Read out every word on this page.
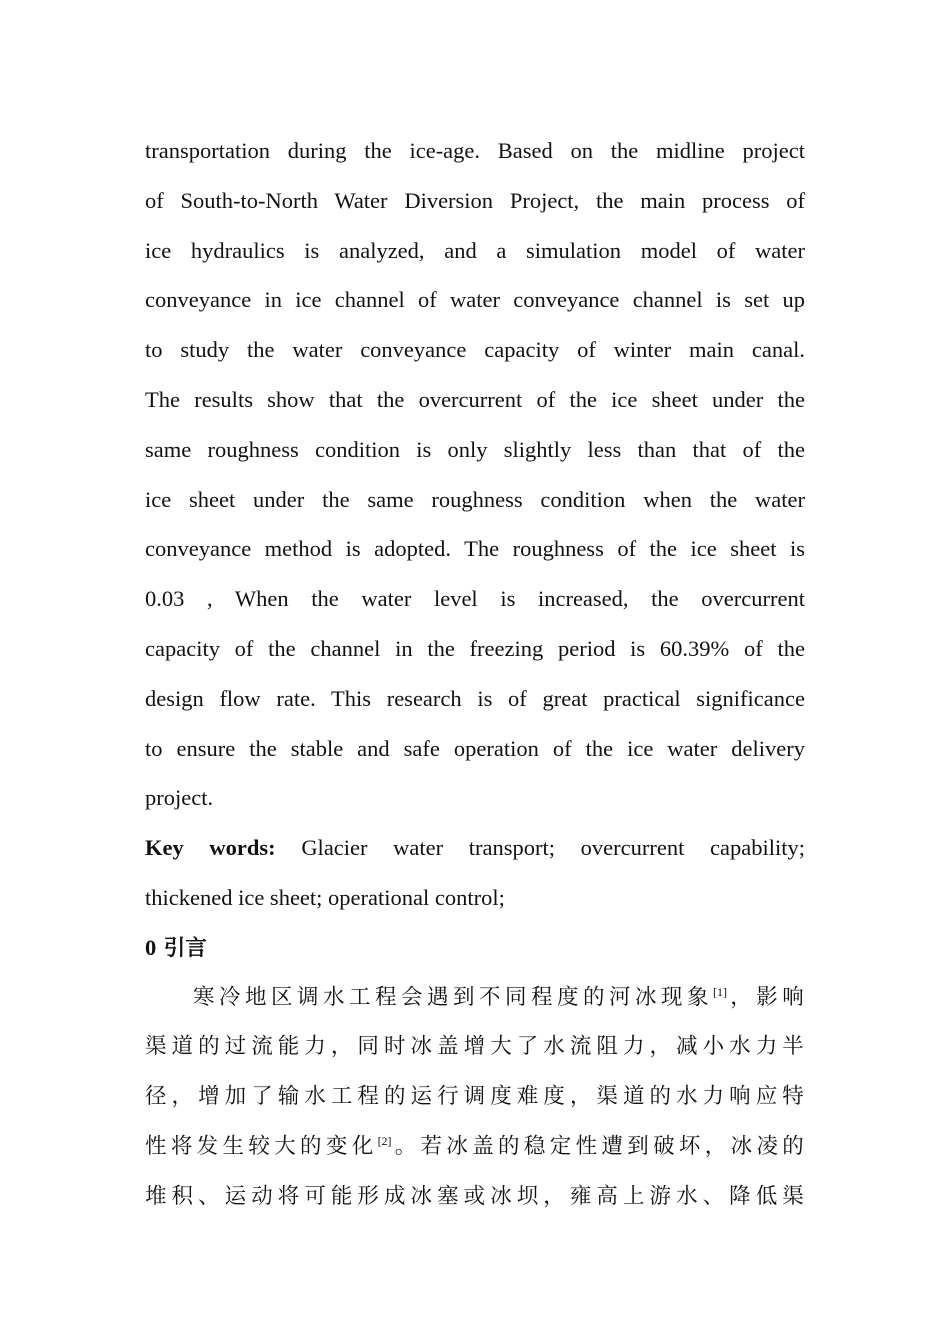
transportation during the ice-age. Based on the midline project
of South-to-North Water Diversion Project, the main process of
ice hydraulics is analyzed, and a simulation model of water
conveyance in ice channel of water conveyance channel is set up
to study the water conveyance capacity of winter main canal.
The results show that the overcurrent of the ice sheet under the
same roughness condition is only slightly less than that of the
ice sheet under the same roughness condition when the water
conveyance method is adopted. The roughness of the ice sheet is
0.03 , When the water level is increased, the overcurrent
capacity of the channel in the freezing period is 60.39% of the
design flow rate. This research is of great practical significance
to ensure the stable and safe operation of the ice water delivery
project.
Key words: Glacier water transport; overcurrent capability;
thickened ice sheet; operational control;
0 引言
寒冷地区调水工程会遇到不同程度的河冰现象[1]，影响
渠道的过流能力，同时冰盖增大了水流阻力，减小水力半
径，增加了输水工程的运行调度难度，渠道的水力响应特
性将发生较大的变化[2]。若冰盖的稳定性遭到破坏，冰凌的
堆积、运动将可能形成冰塞或冰坝，雍高上游水、降低渠
